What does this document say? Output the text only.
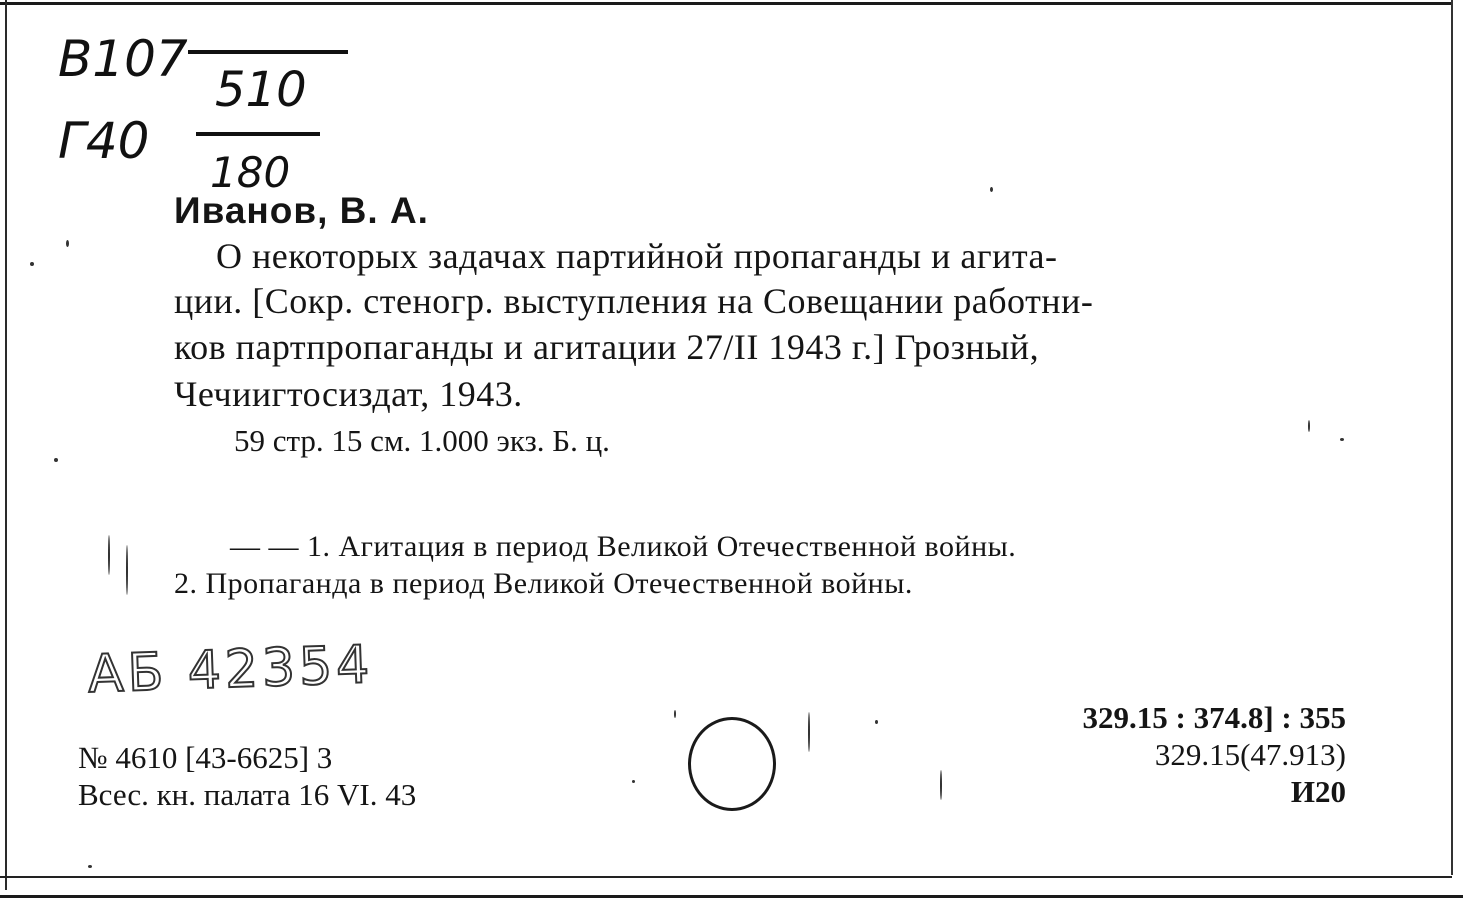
В107
510
Г40
180
Иванов, В. А.
О некоторых задачах партийной пропаганды и агита-
ции. [Сокр. стеногр. выступления на Совещании работни-
ков партпропаганды и агитации 27/II 1943 г.] Грозный,
Чечиигтосиздат, 1943.
59 стр. 15 см. 1.000 экз. Б. ц.
— — 1. Агитация в период Великой Отечественной войны.
2. Пропаганда в период Великой Отечественной войны.
АБ 42354
№ 4610 [43-6625] 3
Всес. кн. палата 16 VI. 43
329.15 : 374.8] : 355
329.15(47.913)
И20
